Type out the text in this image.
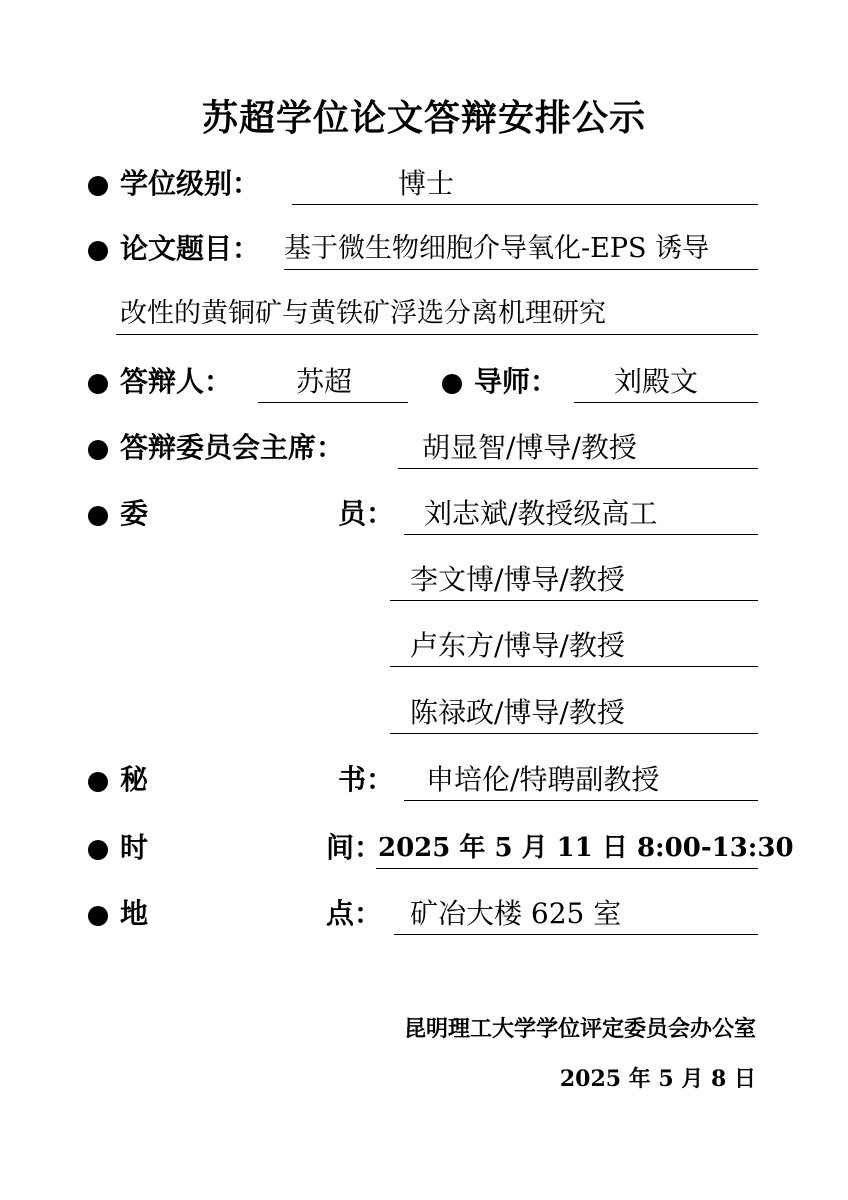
苏超学位论文答辩安排公示
学位级别：	博士
论文题目： 基于微生物细胞介导氧化-EPS 诱导
改性的黄铜矿与黄铁矿浮选分离机理研究
答辩人： 苏超	导师： 刘殿文
答辩委员会主席：	胡显智/博导/教授
委	员： 刘志斌/教授级高工
李文博/博导/教授
卢东方/博导/教授
陈禄政/博导/教授
秘	书： 申培伦/特聘副教授
时	间：
2025 年 5 月 11 日 8:00-13:30
地	点： 矿冶大楼 625 室
昆明理工大学学位评定委员会办公室
2025 年 5 月 8 日
